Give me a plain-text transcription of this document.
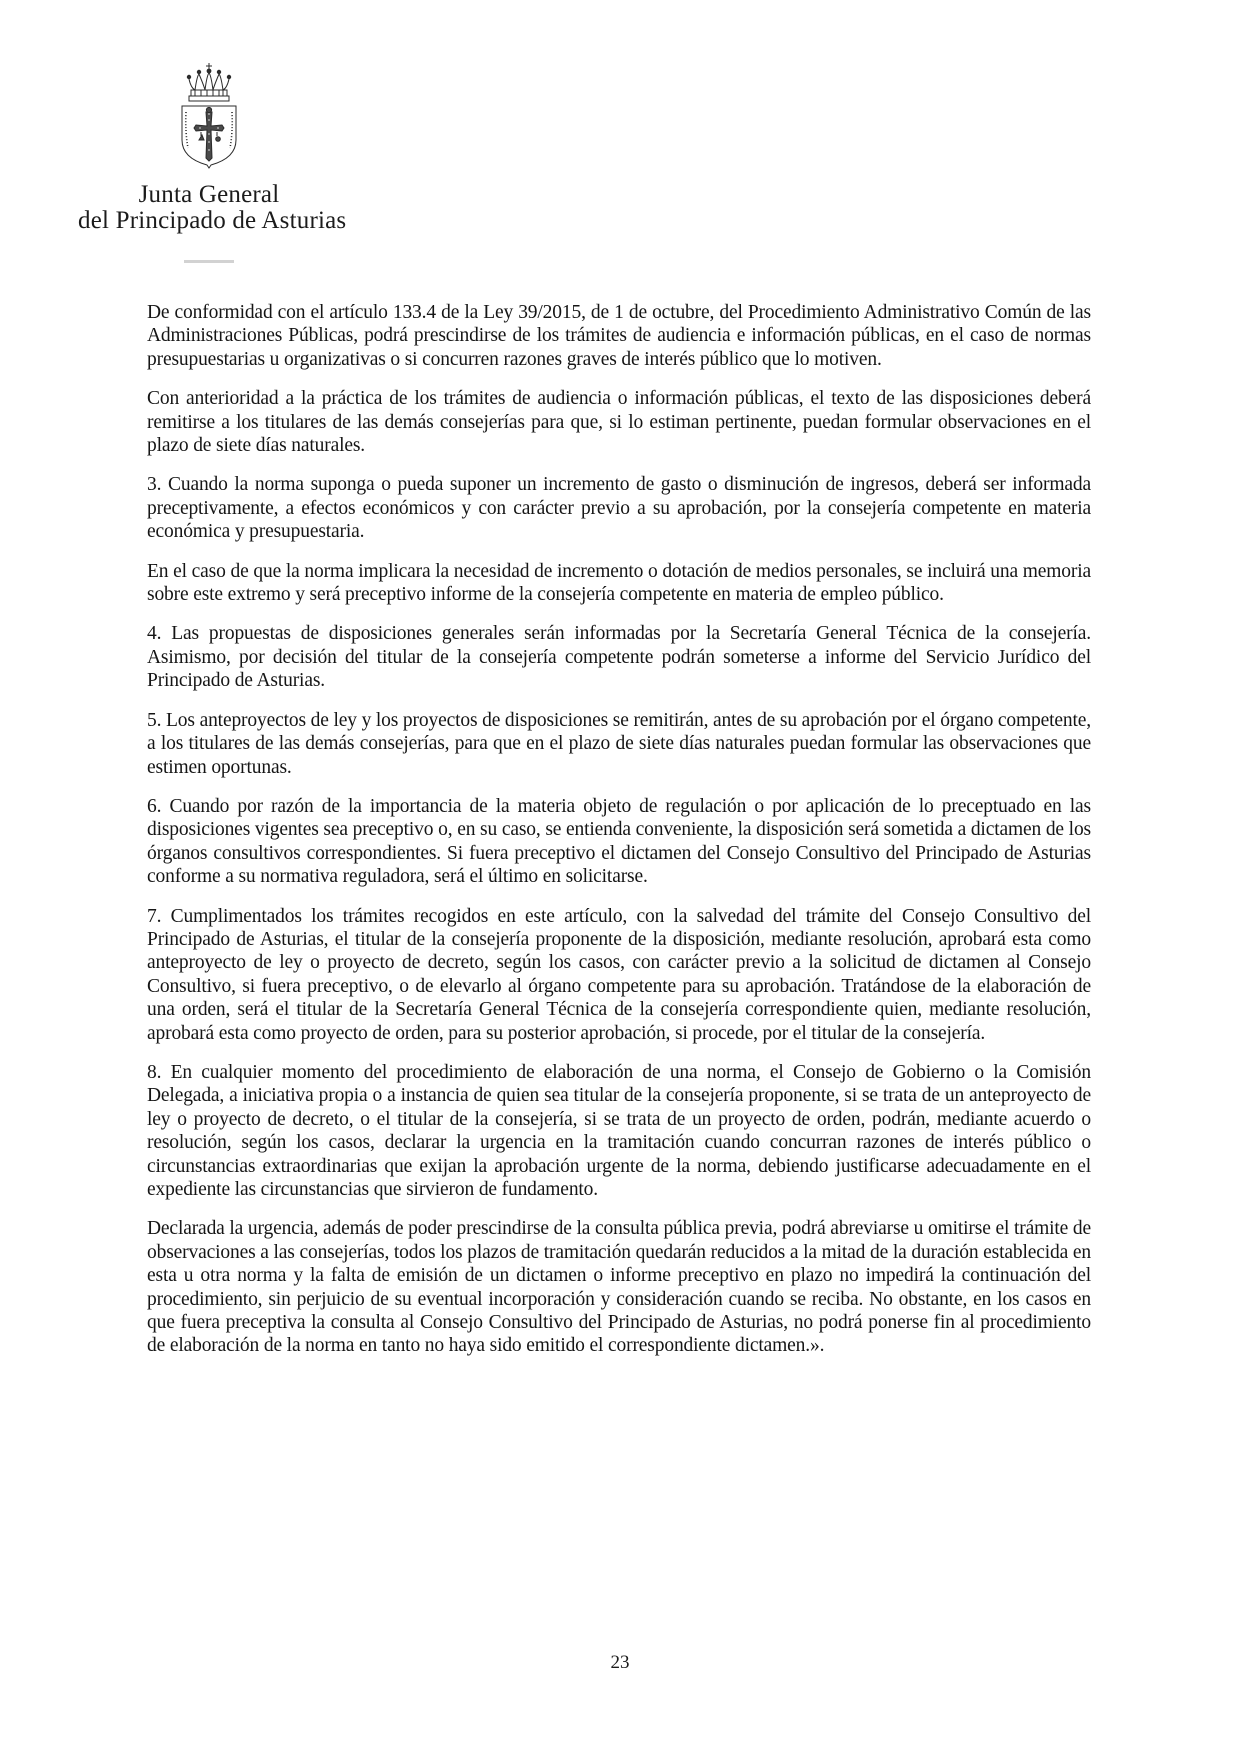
Junta General
del Principado de Asturias

De conformidad con el artículo 133.4 de la Ley 39/2015, de 1 de octubre, del Procedimiento Administrativo Común de las Administraciones Públicas, podrá prescindirse de los trámites de audiencia e información públicas, en el caso de normas presupuestarias u organizativas o si concurren razones graves de interés público que lo motiven.

Con anterioridad a la práctica de los trámites de audiencia o información públicas, el texto de las disposiciones deberá remitirse a los titulares de las demás consejerías para que, si lo estiman pertinente, puedan formular observaciones en el plazo de siete días naturales.

3. Cuando la norma suponga o pueda suponer un incremento de gasto o disminución de ingresos, deberá ser informada preceptivamente, a efectos económicos y con carácter previo a su aprobación, por la consejería competente en materia económica y presupuestaria.

En el caso de que la norma implicara la necesidad de incremento o dotación de medios personales, se incluirá una memoria sobre este extremo y será preceptivo informe de la consejería competente en materia de empleo público.

4. Las propuestas de disposiciones generales serán informadas por la Secretaría General Técnica de la consejería. Asimismo, por decisión del titular de la consejería competente podrán someterse a informe del Servicio Jurídico del Principado de Asturias.

5. Los anteproyectos de ley y los proyectos de disposiciones se remitirán, antes de su aprobación por el órgano competente, a los titulares de las demás consejerías, para que en el plazo de siete días naturales puedan formular las observaciones que estimen oportunas.

6. Cuando por razón de la importancia de la materia objeto de regulación o por aplicación de lo preceptuado en las disposiciones vigentes sea preceptivo o, en su caso, se entienda conveniente, la disposición será sometida a dictamen de los órganos consultivos correspondientes. Si fuera preceptivo el dictamen del Consejo Consultivo del Principado de Asturias conforme a su normativa reguladora, será el último en solicitarse.

7. Cumplimentados los trámites recogidos en este artículo, con la salvedad del trámite del Consejo Consultivo del Principado de Asturias, el titular de la consejería proponente de la disposición, mediante resolución, aprobará esta como anteproyecto de ley o proyecto de decreto, según los casos, con carácter previo a la solicitud de dictamen al Consejo Consultivo, si fuera preceptivo, o de elevarlo al órgano competente para su aprobación. Tratándose de la elaboración de una orden, será el titular de la Secretaría General Técnica de la consejería correspondiente quien, mediante resolución, aprobará esta como proyecto de orden, para su posterior aprobación, si procede, por el titular de la consejería.

8. En cualquier momento del procedimiento de elaboración de una norma, el Consejo de Gobierno o la Comisión Delegada, a iniciativa propia o a instancia de quien sea titular de la consejería proponente, si se trata de un anteproyecto de ley o proyecto de decreto, o el titular de la consejería, si se trata de un proyecto de orden, podrán, mediante acuerdo o resolución, según los casos, declarar la urgencia en la tramitación cuando concurran razones de interés público o circunstancias extraordinarias que exijan la aprobación urgente de la norma, debiendo justificarse adecuadamente en el expediente las circunstancias que sirvieron de fundamento.

Declarada la urgencia, además de poder prescindirse de la consulta pública previa, podrá abreviarse u omitirse el trámite de observaciones a las consejerías, todos los plazos de tramitación quedarán reducidos a la mitad de la duración establecida en esta u otra norma y la falta de emisión de un dictamen o informe preceptivo en plazo no impedirá la continuación del procedimiento, sin perjuicio de su eventual incorporación y consideración cuando se reciba. No obstante, en los casos en que fuera preceptiva la consulta al Consejo Consultivo del Principado de Asturias, no podrá ponerse fin al procedimiento de elaboración de la norma en tanto no haya sido emitido el correspondiente dictamen.».

23
